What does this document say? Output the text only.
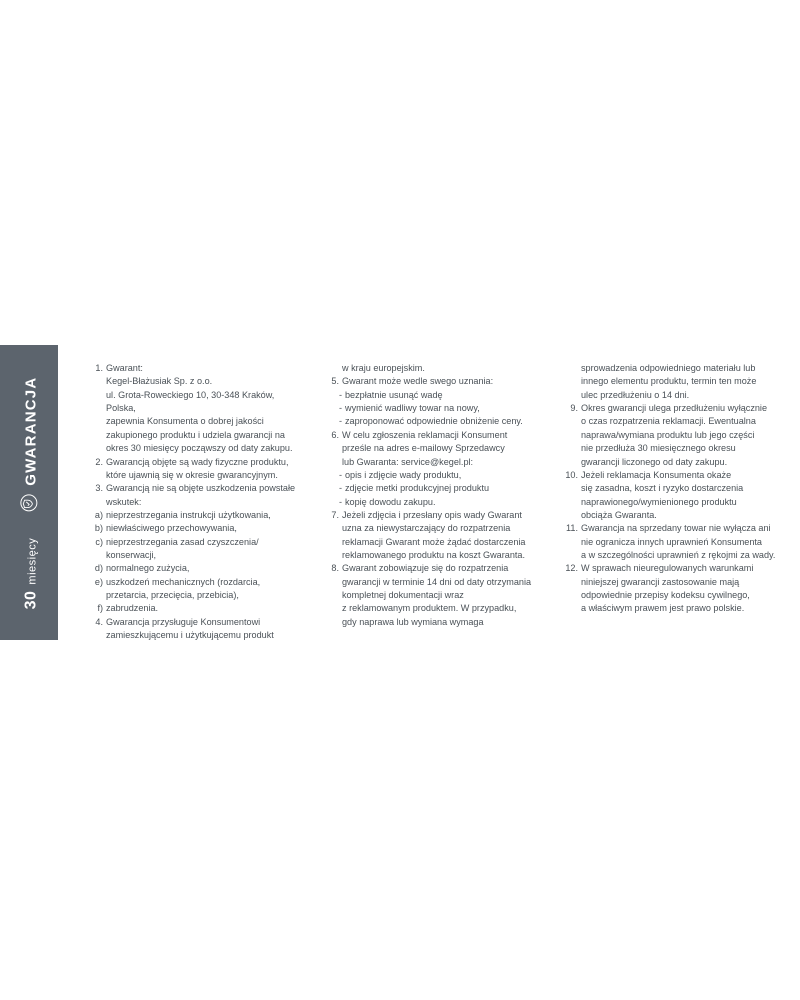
30
miesięcy
GWARANCJA
1. Gwarant:
Kegel-Błażusiak Sp. z o.o.
ul. Grota-Roweckiego 10, 30-348 Kraków, Polska,
zapewnia Konsumenta o dobrej jakości
zakupionego produktu i udziela gwarancji na
okres 30 miesięcy począwszy od daty zakupu.
2. Gwarancją objęte są wady fizyczne produktu,
które ujawnią się w okresie gwarancyjnym.
3. Gwarancją nie są objęte uszkodzenia powstałe
wskutek:
a) nieprzestrzegania instrukcji użytkowania,
b) niewłaściwego przechowywania,
c) nieprzestrzegania zasad czyszczenia/
konserwacji,
d) normalnego zużycia,
e) uszkodzeń mechanicznych (rozdarcia,
przetarcia, przecięcia, przebicia),
f) zabrudzenia.
4. Gwarancja przysługuje Konsumentowi
zamieszkującemu i użytkującemu produkt
w kraju europejskim.
5. Gwarant może wedle swego uznania:
- bezpłatnie usunąć wadę
- wymienić wadliwy towar na nowy,
- zaproponować odpowiednie obniżenie ceny.
6. W celu zgłoszenia reklamacji Konsument
prześle na adres e-mailowy Sprzedawcy
lub Gwaranta: service@kegel.pl:
- opis i zdjęcie wady produktu,
- zdjęcie metki produkcyjnej produktu
- kopię dowodu zakupu.
7. Jeżeli zdjęcia i przesłany opis wady Gwarant
uzna za niewystarczający do rozpatrzenia
reklamacji Gwarant może żądać dostarczenia
reklamowanego produktu na koszt Gwaranta.
8. Gwarant zobowiązuje się do rozpatrzenia
gwarancji w terminie 14 dni od daty otrzymania
kompletnej dokumentacji wraz
z reklamowanym produktem. W przypadku,
gdy naprawa lub wymiana wymaga
sprowadzenia odpowiedniego materiału lub
innego elementu produktu, termin ten może
ulec przedłużeniu o 14 dni.
9. Okres gwarancji ulega przedłużeniu wyłącznie
o czas rozpatrzenia reklamacji. Ewentualna
naprawa/wymiana produktu lub jego części
nie przedłuża 30 miesięcznego okresu
gwarancji liczonego od daty zakupu.
10. Jeżeli reklamacja Konsumenta okaże
się zasadna, koszt i ryzyko dostarczenia
naprawionego/wymienionego produktu
obciąża Gwaranta.
11. Gwarancja na sprzedany towar nie wyłącza ani
nie ogranicza innych uprawnień Konsumenta
a w szczególności uprawnień z rękojmi za wady.
12. W sprawach nieuregulowanych warunkami
niniejszej gwarancji zastosowanie mają
odpowiednie przepisy kodeksu cywilnego,
a właściwym prawem jest prawo polskie.
